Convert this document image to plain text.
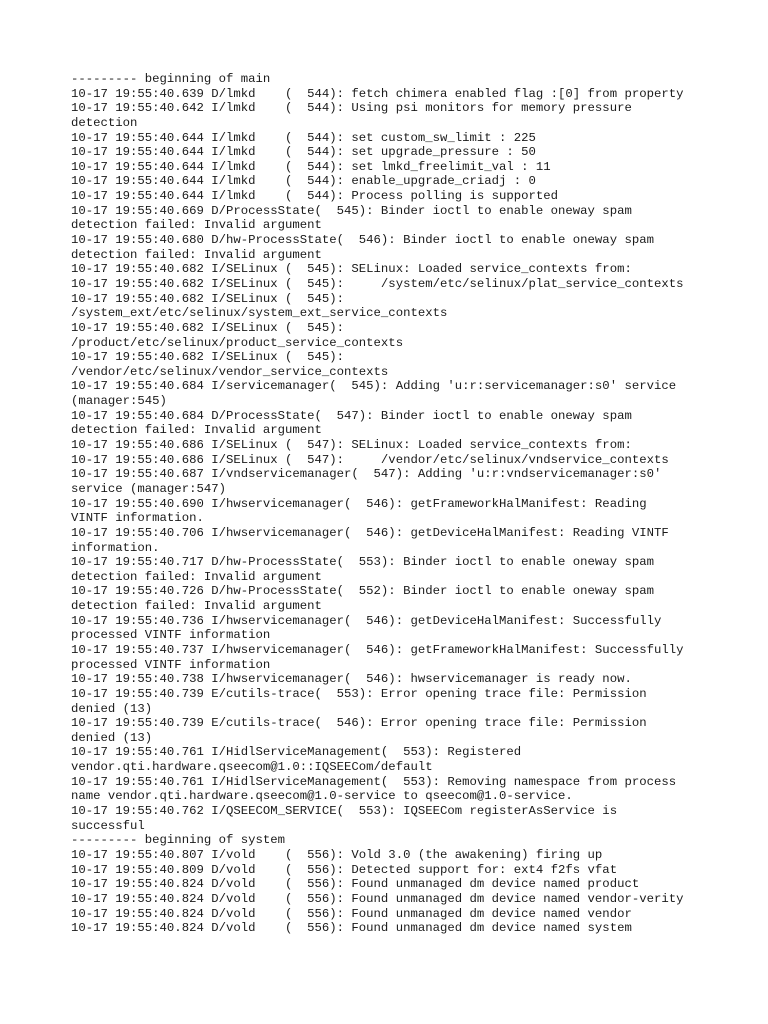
--------- beginning of main
10-17 19:55:40.639 D/lmkd    (  544): fetch chimera enabled flag :[0] from property
10-17 19:55:40.642 I/lmkd    (  544): Using psi monitors for memory pressure
detection
10-17 19:55:40.644 I/lmkd    (  544): set custom_sw_limit : 225
10-17 19:55:40.644 I/lmkd    (  544): set upgrade_pressure : 50
10-17 19:55:40.644 I/lmkd    (  544): set lmkd_freelimit_val : 11
10-17 19:55:40.644 I/lmkd    (  544): enable_upgrade_criadj : 0
10-17 19:55:40.644 I/lmkd    (  544): Process polling is supported
10-17 19:55:40.669 D/ProcessState(  545): Binder ioctl to enable oneway spam
detection failed: Invalid argument
10-17 19:55:40.680 D/hw-ProcessState(  546): Binder ioctl to enable oneway spam
detection failed: Invalid argument
10-17 19:55:40.682 I/SELinux (  545): SELinux: Loaded service_contexts from:
10-17 19:55:40.682 I/SELinux (  545):     /system/etc/selinux/plat_service_contexts
10-17 19:55:40.682 I/SELinux (  545):
/system_ext/etc/selinux/system_ext_service_contexts
10-17 19:55:40.682 I/SELinux (  545):
/product/etc/selinux/product_service_contexts
10-17 19:55:40.682 I/SELinux (  545):
/vendor/etc/selinux/vendor_service_contexts
10-17 19:55:40.684 I/servicemanager(  545): Adding 'u:r:servicemanager:s0' service
(manager:545)
10-17 19:55:40.684 D/ProcessState(  547): Binder ioctl to enable oneway spam
detection failed: Invalid argument
10-17 19:55:40.686 I/SELinux (  547): SELinux: Loaded service_contexts from:
10-17 19:55:40.686 I/SELinux (  547):     /vendor/etc/selinux/vndservice_contexts
10-17 19:55:40.687 I/vndservicemanager(  547): Adding 'u:r:vndservicemanager:s0'
service (manager:547)
10-17 19:55:40.690 I/hwservicemanager(  546): getFrameworkHalManifest: Reading
VINTF information.
10-17 19:55:40.706 I/hwservicemanager(  546): getDeviceHalManifest: Reading VINTF
information.
10-17 19:55:40.717 D/hw-ProcessState(  553): Binder ioctl to enable oneway spam
detection failed: Invalid argument
10-17 19:55:40.726 D/hw-ProcessState(  552): Binder ioctl to enable oneway spam
detection failed: Invalid argument
10-17 19:55:40.736 I/hwservicemanager(  546): getDeviceHalManifest: Successfully
processed VINTF information
10-17 19:55:40.737 I/hwservicemanager(  546): getFrameworkHalManifest: Successfully
processed VINTF information
10-17 19:55:40.738 I/hwservicemanager(  546): hwservicemanager is ready now.
10-17 19:55:40.739 E/cutils-trace(  553): Error opening trace file: Permission
denied (13)
10-17 19:55:40.739 E/cutils-trace(  546): Error opening trace file: Permission
denied (13)
10-17 19:55:40.761 I/HidlServiceManagement(  553): Registered
vendor.qti.hardware.qseecom@1.0::IQSEECom/default
10-17 19:55:40.761 I/HidlServiceManagement(  553): Removing namespace from process
name vendor.qti.hardware.qseecom@1.0-service to qseecom@1.0-service.
10-17 19:55:40.762 I/QSEECOM_SERVICE(  553): IQSEECom registerAsService is
successful
--------- beginning of system
10-17 19:55:40.807 I/vold    (  556): Vold 3.0 (the awakening) firing up
10-17 19:55:40.809 D/vold    (  556): Detected support for: ext4 f2fs vfat
10-17 19:55:40.824 D/vold    (  556): Found unmanaged dm device named product
10-17 19:55:40.824 D/vold    (  556): Found unmanaged dm device named vendor-verity
10-17 19:55:40.824 D/vold    (  556): Found unmanaged dm device named vendor
10-17 19:55:40.824 D/vold    (  556): Found unmanaged dm device named system
